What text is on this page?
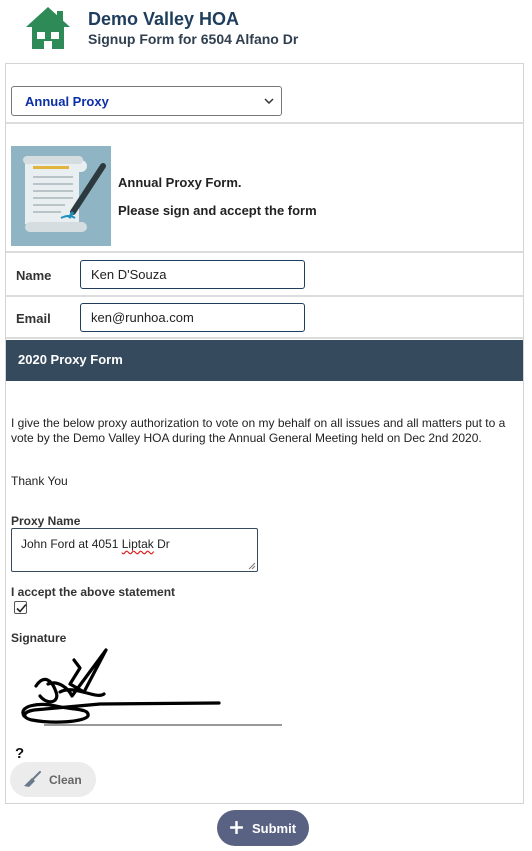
Demo Valley HOA
Signup Form for 6504 Alfano Dr
Annual Proxy
Annual Proxy Form.
Please sign and accept the form
Name
Ken D'Souza
Email
ken@runhoa.com
2020 Proxy Form
I give the below proxy authorization to vote on my behalf on all issues and all matters put to a vote by the Demo Valley HOA during the Annual General Meeting held on Dec 2nd 2020.
Thank You
Proxy Name
John Ford at 4051 Liptak Dr
I accept the above statement
Signature
?
Clean
Submit
